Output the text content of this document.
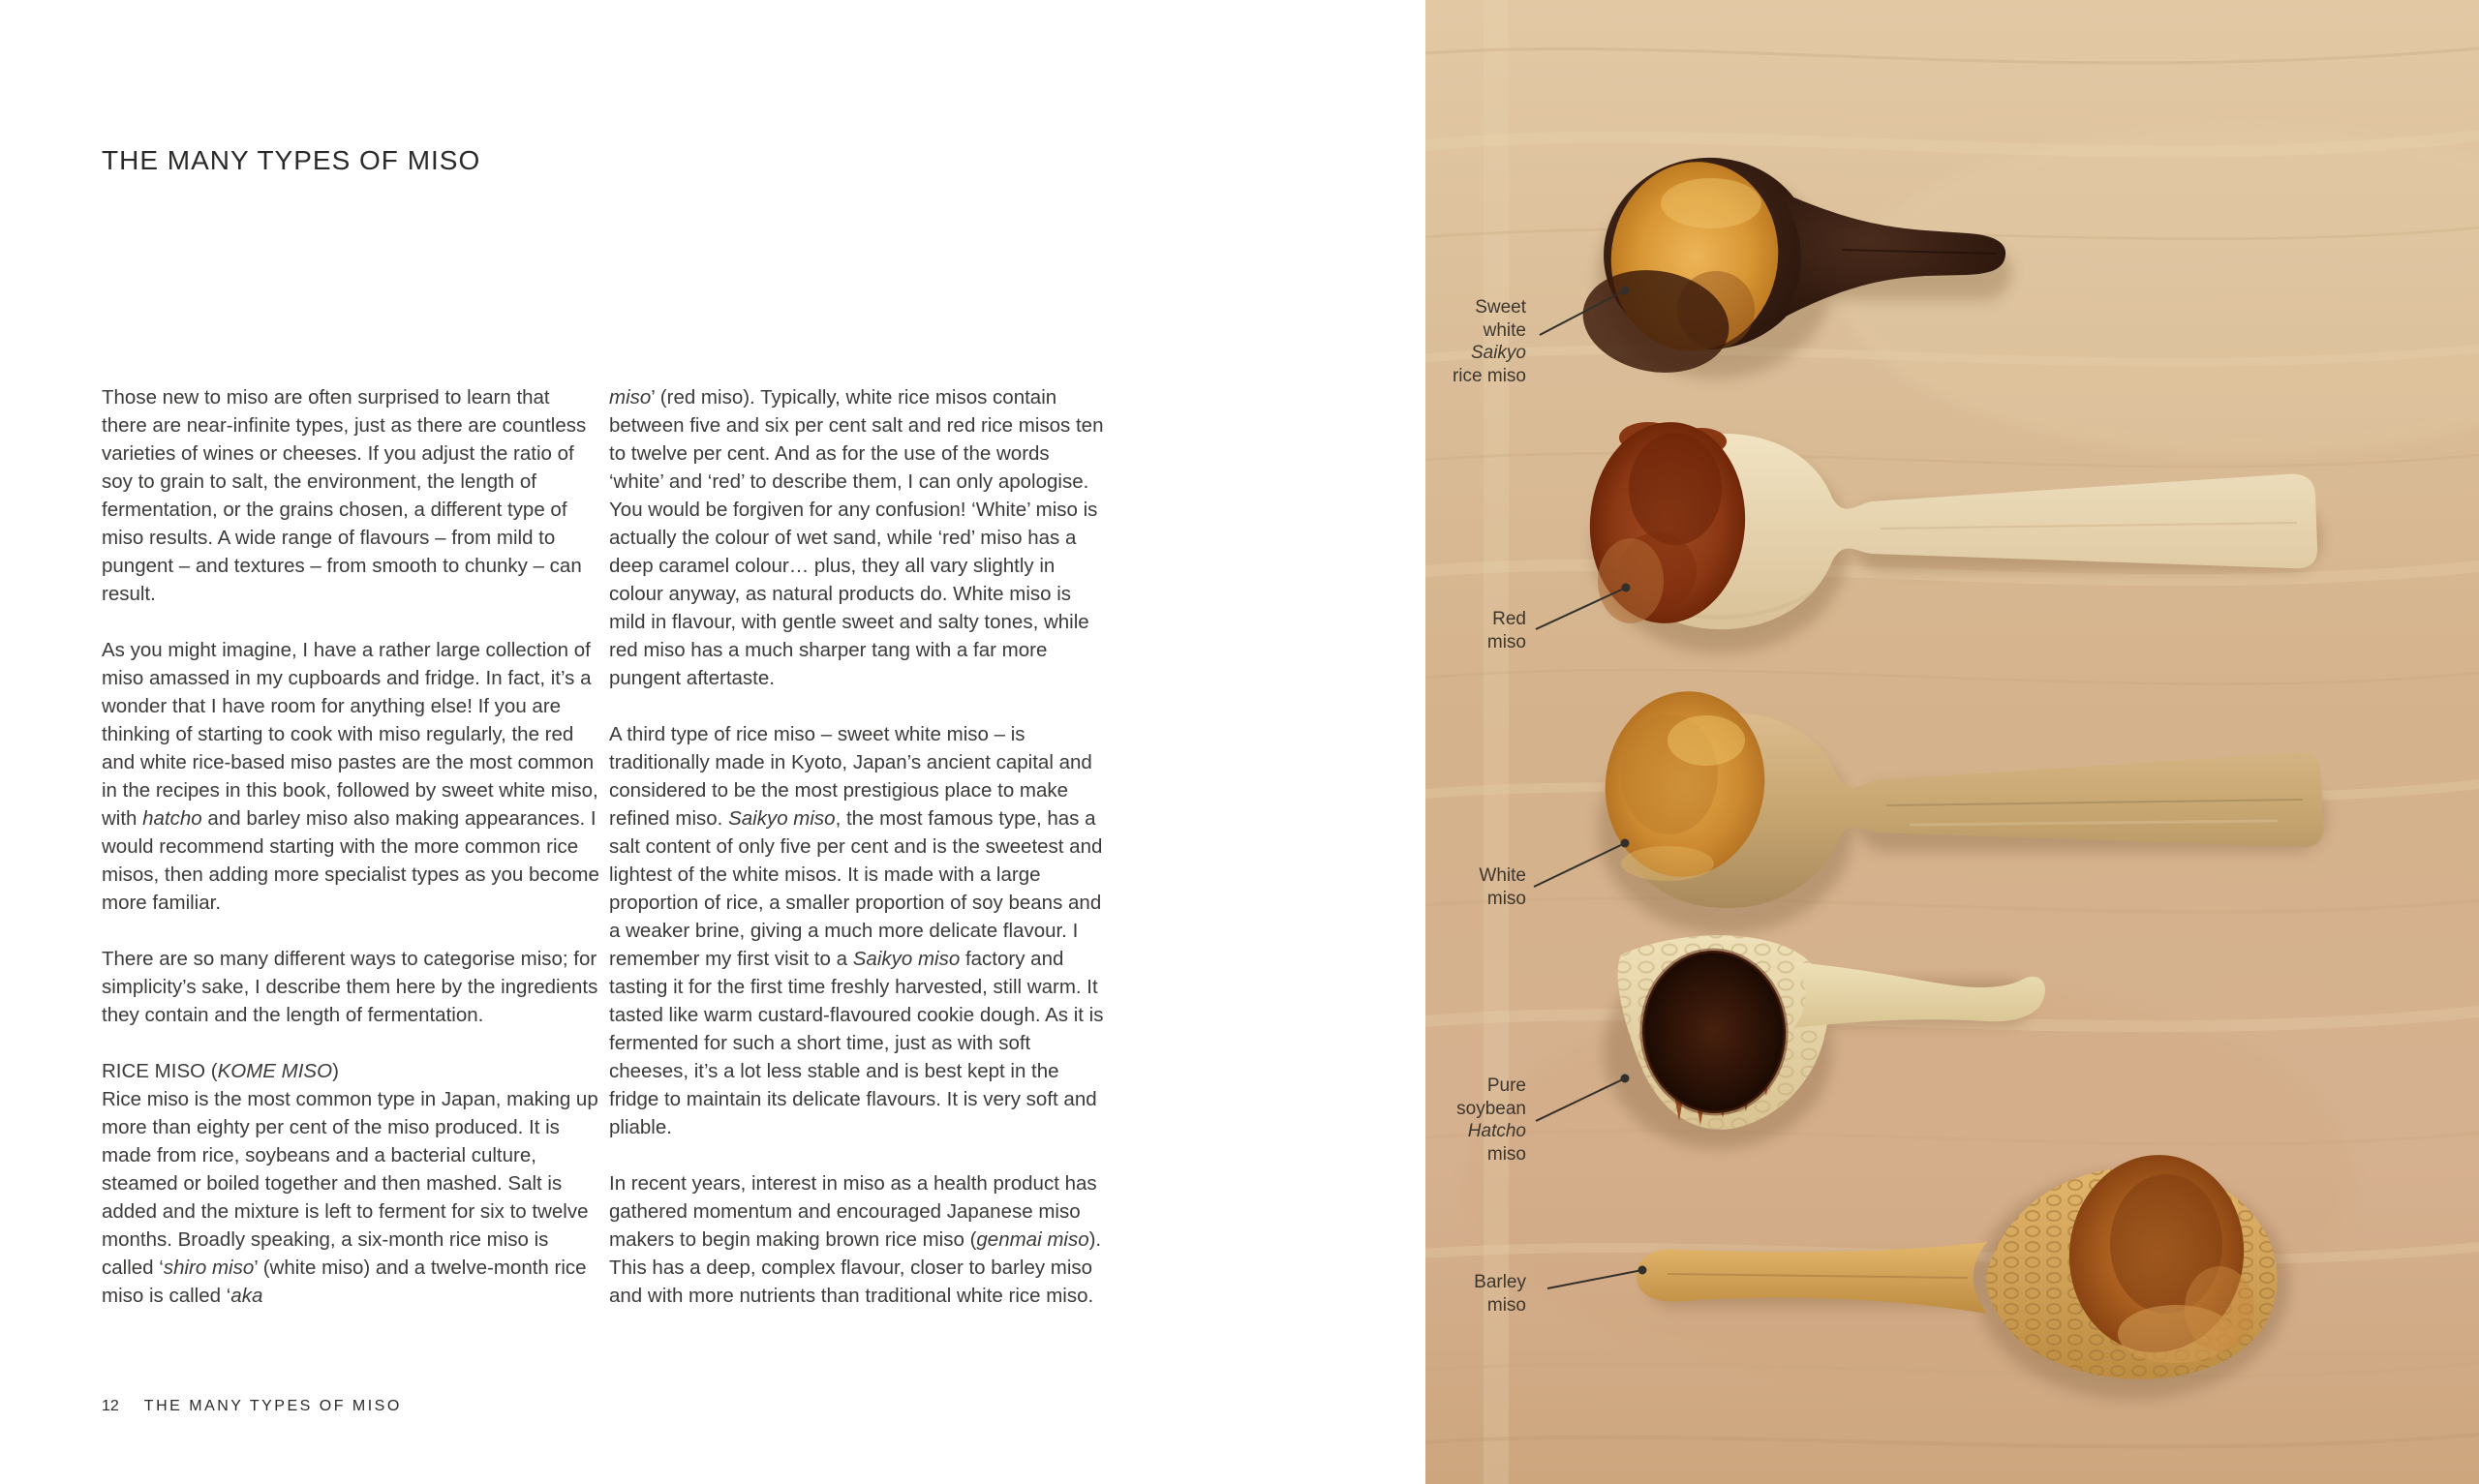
THE MANY TYPES OF MISO

Those new to miso are often surprised to learn that there are near-infinite types, just as there are countless varieties of wines or cheeses. If you adjust the ratio of soy to grain to salt, the environment, the length of fermentation, or the grains chosen, a different type of miso results. A wide range of flavours – from mild to pungent – and textures – from smooth to chunky – can result.

As you might imagine, I have a rather large collection of miso amassed in my cupboards and fridge. In fact, it’s a wonder that I have room for anything else! If you are thinking of starting to cook with miso regularly, the red and white rice-based miso pastes are the most common in the recipes in this book, followed by sweet white miso, with hatcho and barley miso also making appearances. I would recommend starting with the more common rice misos, then adding more specialist types as you become more familiar.

There are so many different ways to categorise miso; for simplicity’s sake, I describe them here by the ingredients they contain and the length of fermentation.

RICE MISO (KOME MISO)

Rice miso is the most common type in Japan, making up more than eighty per cent of the miso produced. It is made from rice, soybeans and a bacterial culture, steamed or boiled together and then mashed. Salt is added and the mixture is left to ferment for six to twelve months. Broadly speaking, a six-month rice miso is called ‘shiro miso’ (white miso) and a twelve-month rice miso is called ‘aka

miso’ (red miso). Typically, white rice misos contain between five and six per cent salt and red rice misos ten to twelve per cent. And as for the use of the words ‘white’ and ‘red’ to describe them, I can only apologise. You would be forgiven for any confusion! ‘White’ miso is actually the colour of wet sand, while ‘red’ miso has a deep caramel colour… plus, they all vary slightly in colour anyway, as natural products do. White miso is mild in flavour, with gentle sweet and salty tones, while red miso has a much sharper tang with a far more pungent aftertaste.

A third type of rice miso – sweet white miso – is traditionally made in Kyoto, Japan’s ancient capital and considered to be the most prestigious place to make refined miso. Saikyo miso, the most famous type, has a salt content of only five per cent and is the sweetest and lightest of the white misos. It is made with a large proportion of rice, a smaller proportion of soy beans and a weaker brine, giving a much more delicate flavour. I remember my first visit to a Saikyo miso factory and tasting it for the first time freshly harvested, still warm. It tasted like warm custard-flavoured cookie dough. As it is fermented for such a short time, just as with soft cheeses, it’s a lot less stable and is best kept in the fridge to maintain its delicate flavours. It is very soft and pliable.

In recent years, interest in miso as a health product has gathered momentum and encouraged Japanese miso makers to begin making brown rice miso (genmai miso). This has a deep, complex flavour, closer to barley miso and with more nutrients than traditional white rice miso.

12 THE MANY TYPES OF MISO
Sweet
white
Saikyo
rice miso
Red
miso
White
miso
Pure
soybean
Hatcho
miso
Barley
miso
